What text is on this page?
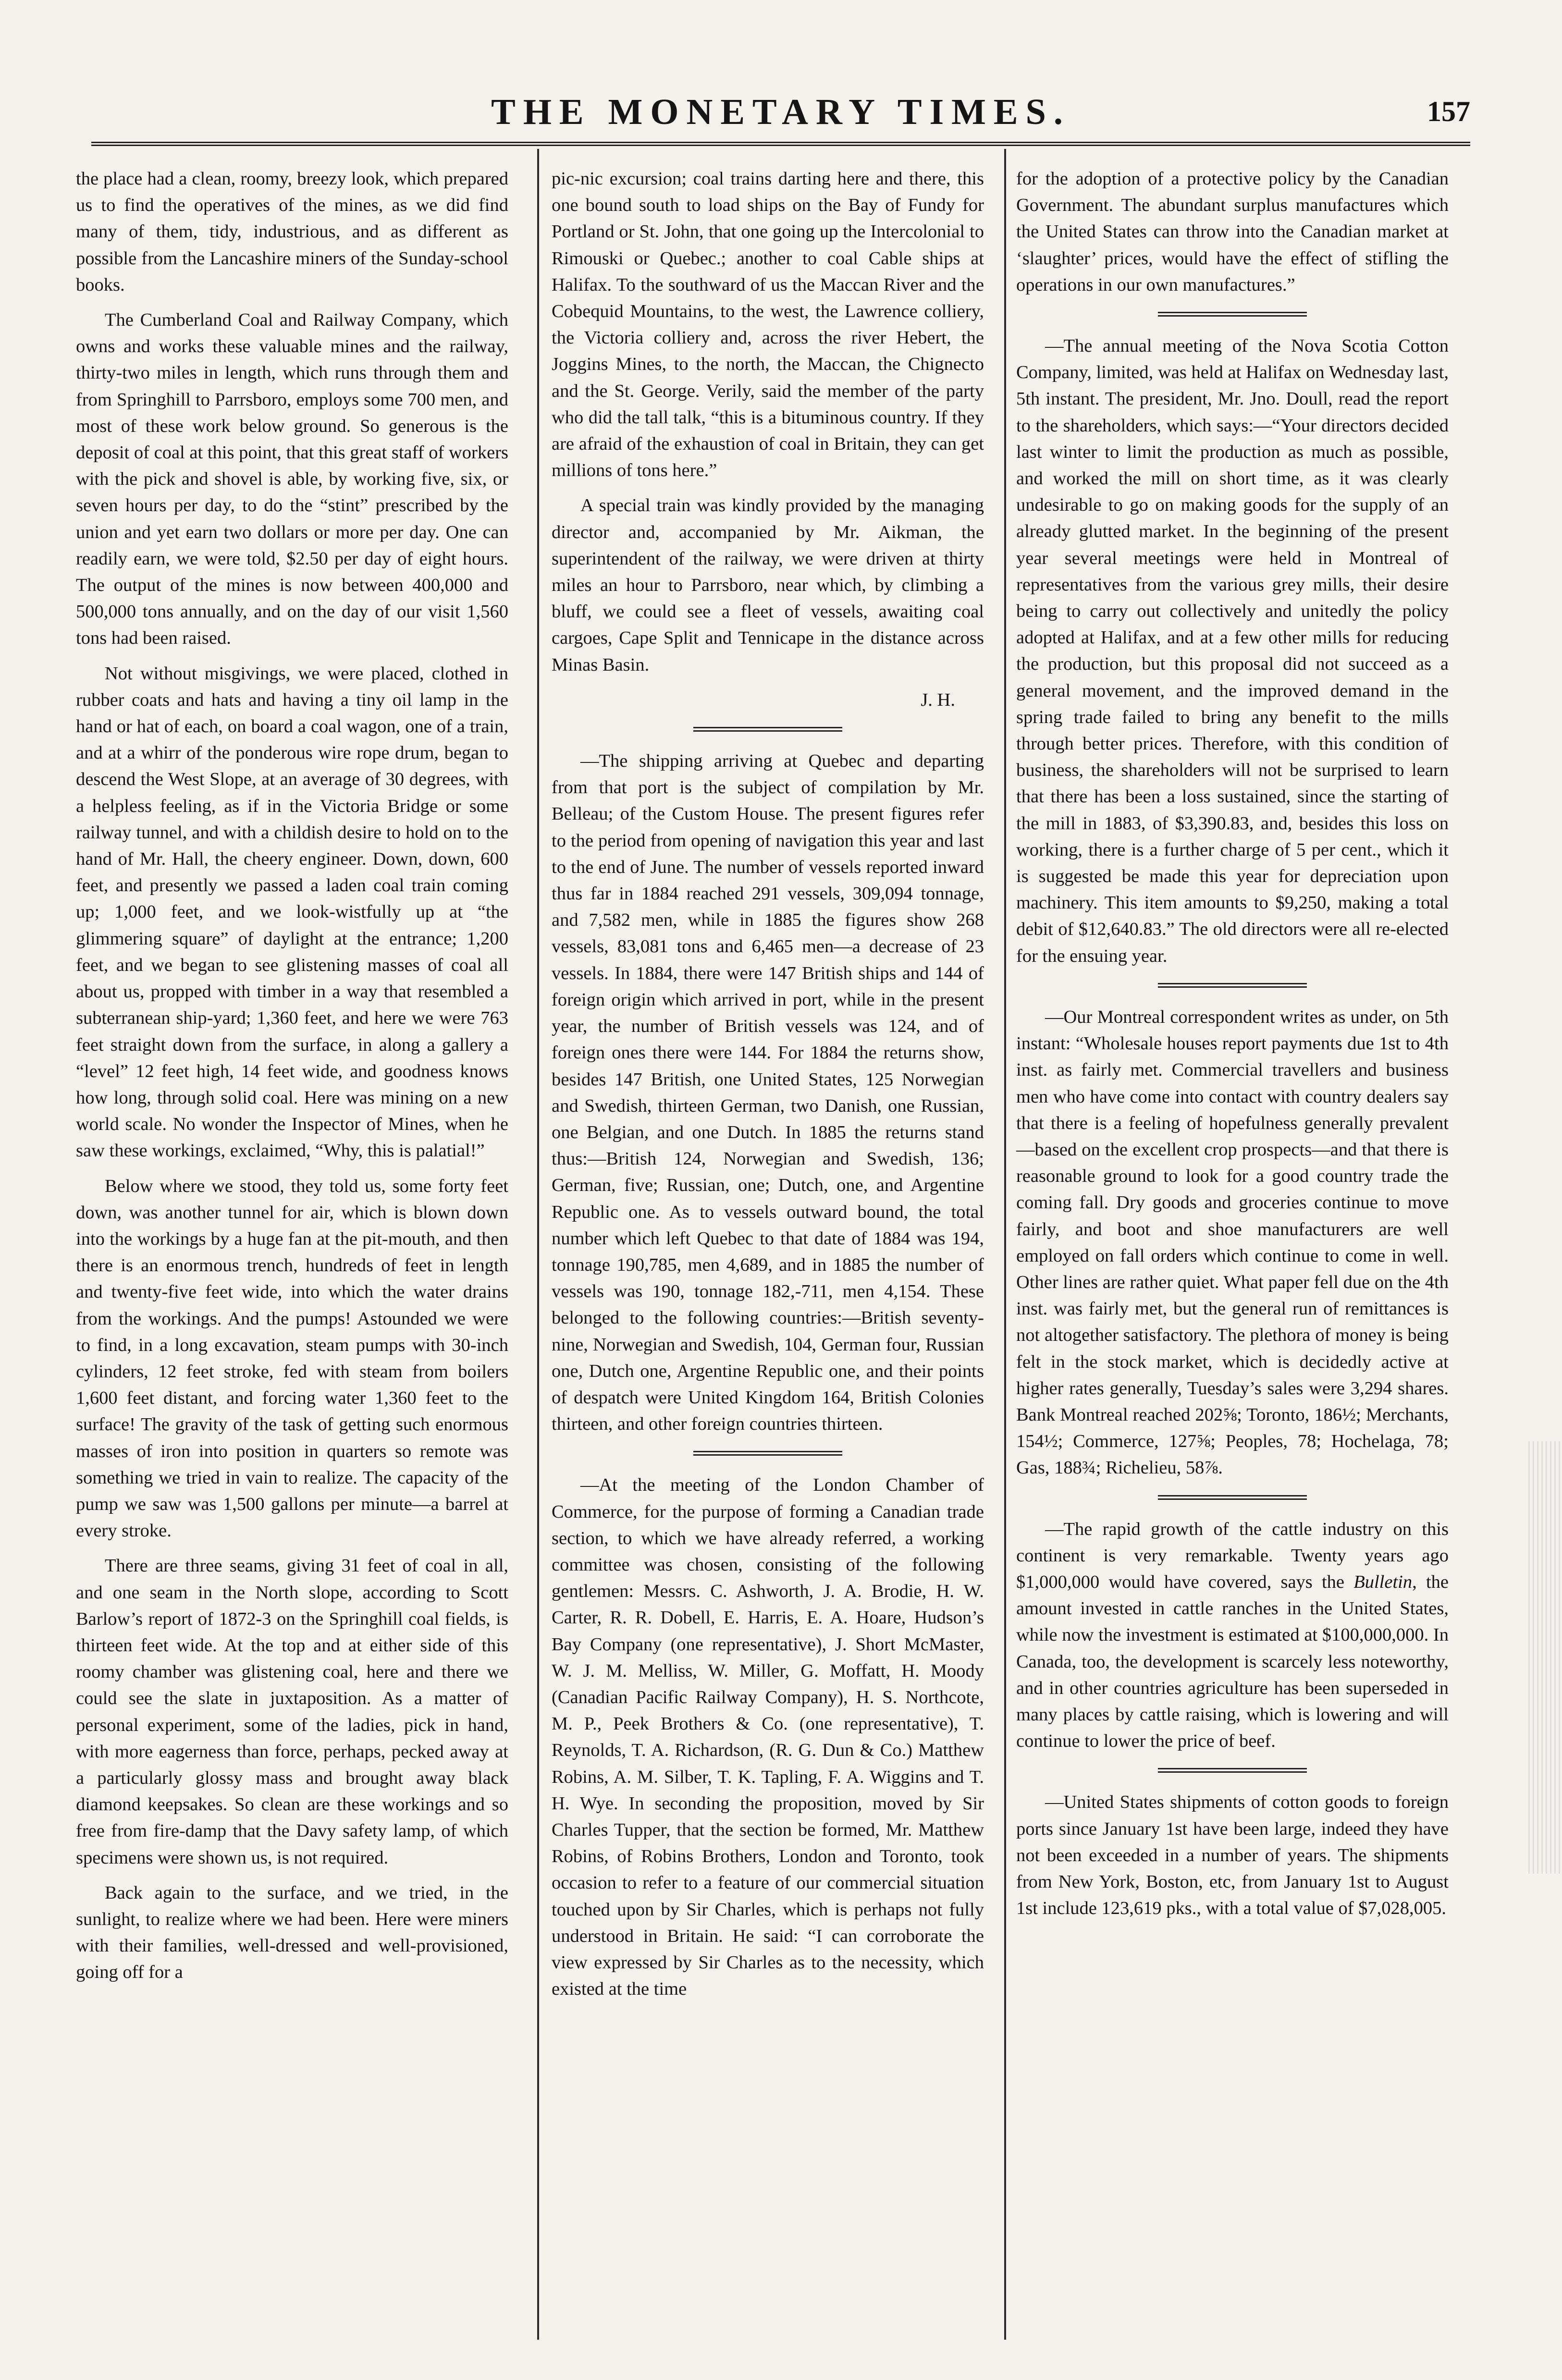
THE MONETARY TIMES.	157

the place had a clean, roomy, breezy look, which prepared us to find the operatives of the mines, as we did find many of them, tidy, industrious, and as different as possible from the Lancashire miners of the Sunday-school books.

The Cumberland Coal and Railway Company, which owns and works these valuable mines and the railway, thirty-two miles in length, which runs through them and from Springhill to Parrsboro, employs some 700 men, and most of these work below ground. So generous is the deposit of coal at this point, that this great staff of workers with the pick and shovel is able, by working five, six, or seven hours per day, to do the “stint” prescribed by the union and yet earn two dollars or more per day. One can readily earn, we were told, $2.50 per day of eight hours. The output of the mines is now between 400,000 and 500,000 tons annually, and on the day of our visit 1,560 tons had been raised.

Not without misgivings, we were placed, clothed in rubber coats and hats and having a tiny oil lamp in the hand or hat of each, on board a coal wagon, one of a train, and at a whirr of the ponderous wire rope drum, began to descend the West Slope, at an average of 30 degrees, with a helpless feeling, as if in the Victoria Bridge or some railway tunnel, and with a childish desire to hold on to the hand of Mr. Hall, the cheery engineer. Down, down, 600 feet, and presently we passed a laden coal train coming up; 1,000 feet, and we look-wistfully up at “the glimmering square” of daylight at the entrance; 1,200 feet, and we began to see glistening masses of coal all about us, propped with timber in a way that resembled a subterranean ship-yard; 1,360 feet, and here we were 763 feet straight down from the surface, in along a gallery a “level” 12 feet high, 14 feet wide, and goodness knows how long, through solid coal. Here was mining on a new world scale. No wonder the Inspector of Mines, when he saw these workings, exclaimed, “Why, this is palatial!”

Below where we stood, they told us, some forty feet down, was another tunnel for air, which is blown down into the workings by a huge fan at the pit-mouth, and then there is an enormous trench, hundreds of feet in length and twenty-five feet wide, into which the water drains from the workings. And the pumps! Astounded we were to find, in a long excavation, steam pumps with 30-inch cylinders, 12 feet stroke, fed with steam from boilers 1,600 feet distant, and forcing water 1,360 feet to the surface! The gravity of the task of getting such enormous masses of iron into position in quarters so remote was something we tried in vain to realize. The capacity of the pump we saw was 1,500 gallons per minute—a barrel at every stroke.

There are three seams, giving 31 feet of coal in all, and one seam in the North slope, according to Scott Barlow’s report of 1872-3 on the Springhill coal fields, is thirteen feet wide. At the top and at either side of this roomy chamber was glistening coal, here and there we could see the slate in juxtaposition. As a matter of personal experiment, some of the ladies, pick in hand, with more eagerness than force, perhaps, pecked away at a particularly glossy mass and brought away black diamond keepsakes. So clean are these workings and so free from fire-damp that the Davy safety lamp, of which specimens were shown us, is not required.

Back again to the surface, and we tried, in the sunlight, to realize where we had been. Here were miners with their families, well-dressed and well-provisioned, going off for a

pic-nic excursion; coal trains darting here and there, this one bound south to load ships on the Bay of Fundy for Portland or St. John, that one going up the Intercolonial to Rimouski or Quebec.; another to coal Cable ships at Halifax. To the southward of us the Maccan River and the Cobequid Mountains, to the west, the Lawrence colliery, the Victoria colliery and, across the river Hebert, the Joggins Mines, to the north, the Maccan, the Chignecto and the St. George. Verily, said the member of the party who did the tall talk, “this is a bituminous country. If they are afraid of the exhaustion of coal in Britain, they can get millions of tons here.”

A special train was kindly provided by the managing director and, accompanied by Mr. Aikman, the superintendent of the railway, we were driven at thirty miles an hour to Parrsboro, near which, by climbing a bluff, we could see a fleet of vessels, awaiting coal cargoes, Cape Split and Tennicape in the distance across Minas Basin.

J. H.

—The shipping arriving at Quebec and departing from that port is the subject of compilation by Mr. Belleau; of the Custom House. The present figures refer to the period from opening of navigation this year and last to the end of June. The number of vessels reported inward thus far in 1884 reached 291 vessels, 309,094 tonnage, and 7,582 men, while in 1885 the figures show 268 vessels, 83,081 tons and 6,465 men—a decrease of 23 vessels. In 1884, there were 147 British ships and 144 of foreign origin which arrived in port, while in the present year, the number of British vessels was 124, and of foreign ones there were 144. For 1884 the returns show, besides 147 British, one United States, 125 Norwegian and Swedish, thirteen German, two Danish, one Russian, one Belgian, and one Dutch. In 1885 the returns stand thus:—British 124, Norwegian and Swedish, 136; German, five; Russian, one; Dutch, one, and Argentine Republic one. As to vessels outward bound, the total number which left Quebec to that date of 1884 was 194, tonnage 190,785, men 4,689, and in 1885 the number of vessels was 190, tonnage 182,-711, men 4,154. These belonged to the following countries:—British seventy-nine, Norwegian and Swedish, 104, German four, Russian one, Dutch one, Argentine Republic one, and their points of despatch were United Kingdom 164, British Colonies thirteen, and other foreign countries thirteen.

—At the meeting of the London Chamber of Commerce, for the purpose of forming a Canadian trade section, to which we have already referred, a working committee was chosen, consisting of the following gentlemen: Messrs. C. Ashworth, J. A. Brodie, H. W. Carter, R. R. Dobell, E. Harris, E. A. Hoare, Hudson’s Bay Company (one representative), J. Short McMaster, W. J. M. Melliss, W. Miller, G. Moffatt, H. Moody (Canadian Pacific Railway Company), H. S. Northcote, M. P., Peek Brothers & Co. (one representative), T. Reynolds, T. A. Richardson, (R. G. Dun & Co.) Matthew Robins, A. M. Silber, T. K. Tapling, F. A. Wiggins and T. H. Wye. In seconding the proposition, moved by Sir Charles Tupper, that the section be formed, Mr. Matthew Robins, of Robins Brothers, London and Toronto, took occasion to refer to a feature of our commercial situation touched upon by Sir Charles, which is perhaps not fully understood in Britain. He said: “I can corroborate the view expressed by Sir Charles as to the necessity, which existed at the time

for the adoption of a protective policy by the Canadian Government. The abundant surplus manufactures which the United States can throw into the Canadian market at ‘slaughter’ prices, would have the effect of stifling the operations in our own manufactures.”

—The annual meeting of the Nova Scotia Cotton Company, limited, was held at Halifax on Wednesday last, 5th instant. The president, Mr. Jno. Doull, read the report to the shareholders, which says:—“Your directors decided last winter to limit the production as much as possible, and worked the mill on short time, as it was clearly undesirable to go on making goods for the supply of an already glutted market. In the beginning of the present year several meetings were held in Montreal of representatives from the various grey mills, their desire being to carry out collectively and unitedly the policy adopted at Halifax, and at a few other mills for reducing the production, but this proposal did not succeed as a general movement, and the improved demand in the spring trade failed to bring any benefit to the mills through better prices. Therefore, with this condition of business, the shareholders will not be surprised to learn that there has been a loss sustained, since the starting of the mill in 1883, of $3,390.83, and, besides this loss on working, there is a further charge of 5 per cent., which it is suggested be made this year for depreciation upon machinery. This item amounts to $9,250, making a total debit of $12,640.83.” The old directors were all re-elected for the ensuing year.

—Our Montreal correspondent writes as under, on 5th instant: “Wholesale houses report payments due 1st to 4th inst. as fairly met. Commercial travellers and business men who have come into contact with country dealers say that there is a feeling of hopefulness generally prevalent—based on the excellent crop prospects—and that there is reasonable ground to look for a good country trade the coming fall. Dry goods and groceries continue to move fairly, and boot and shoe manufacturers are well employed on fall orders which continue to come in well. Other lines are rather quiet. What paper fell due on the 4th inst. was fairly met, but the general run of remittances is not altogether satisfactory. The plethora of money is being felt in the stock market, which is decidedly active at higher rates generally, Tuesday’s sales were 3,294 shares. Bank Montreal reached 202⅝; Toronto, 186½; Merchants, 154½; Commerce, 127⅝; Peoples, 78; Hochelaga, 78; Gas, 188¾; Richelieu, 58⅞.

—The rapid growth of the cattle industry on this continent is very remarkable. Twenty years ago $1,000,000 would have covered, says the Bulletin, the amount invested in cattle ranches in the United States, while now the investment is estimated at $100,000,000. In Canada, too, the development is scarcely less noteworthy, and in other countries agriculture has been superseded in many places by cattle raising, which is lowering and will continue to lower the price of beef.

—United States shipments of cotton goods to foreign ports since January 1st have been large, indeed they have not been exceeded in a number of years. The shipments from New York, Boston, etc, from January 1st to August 1st include 123,619 pks., with a total value of $7,028,005.
